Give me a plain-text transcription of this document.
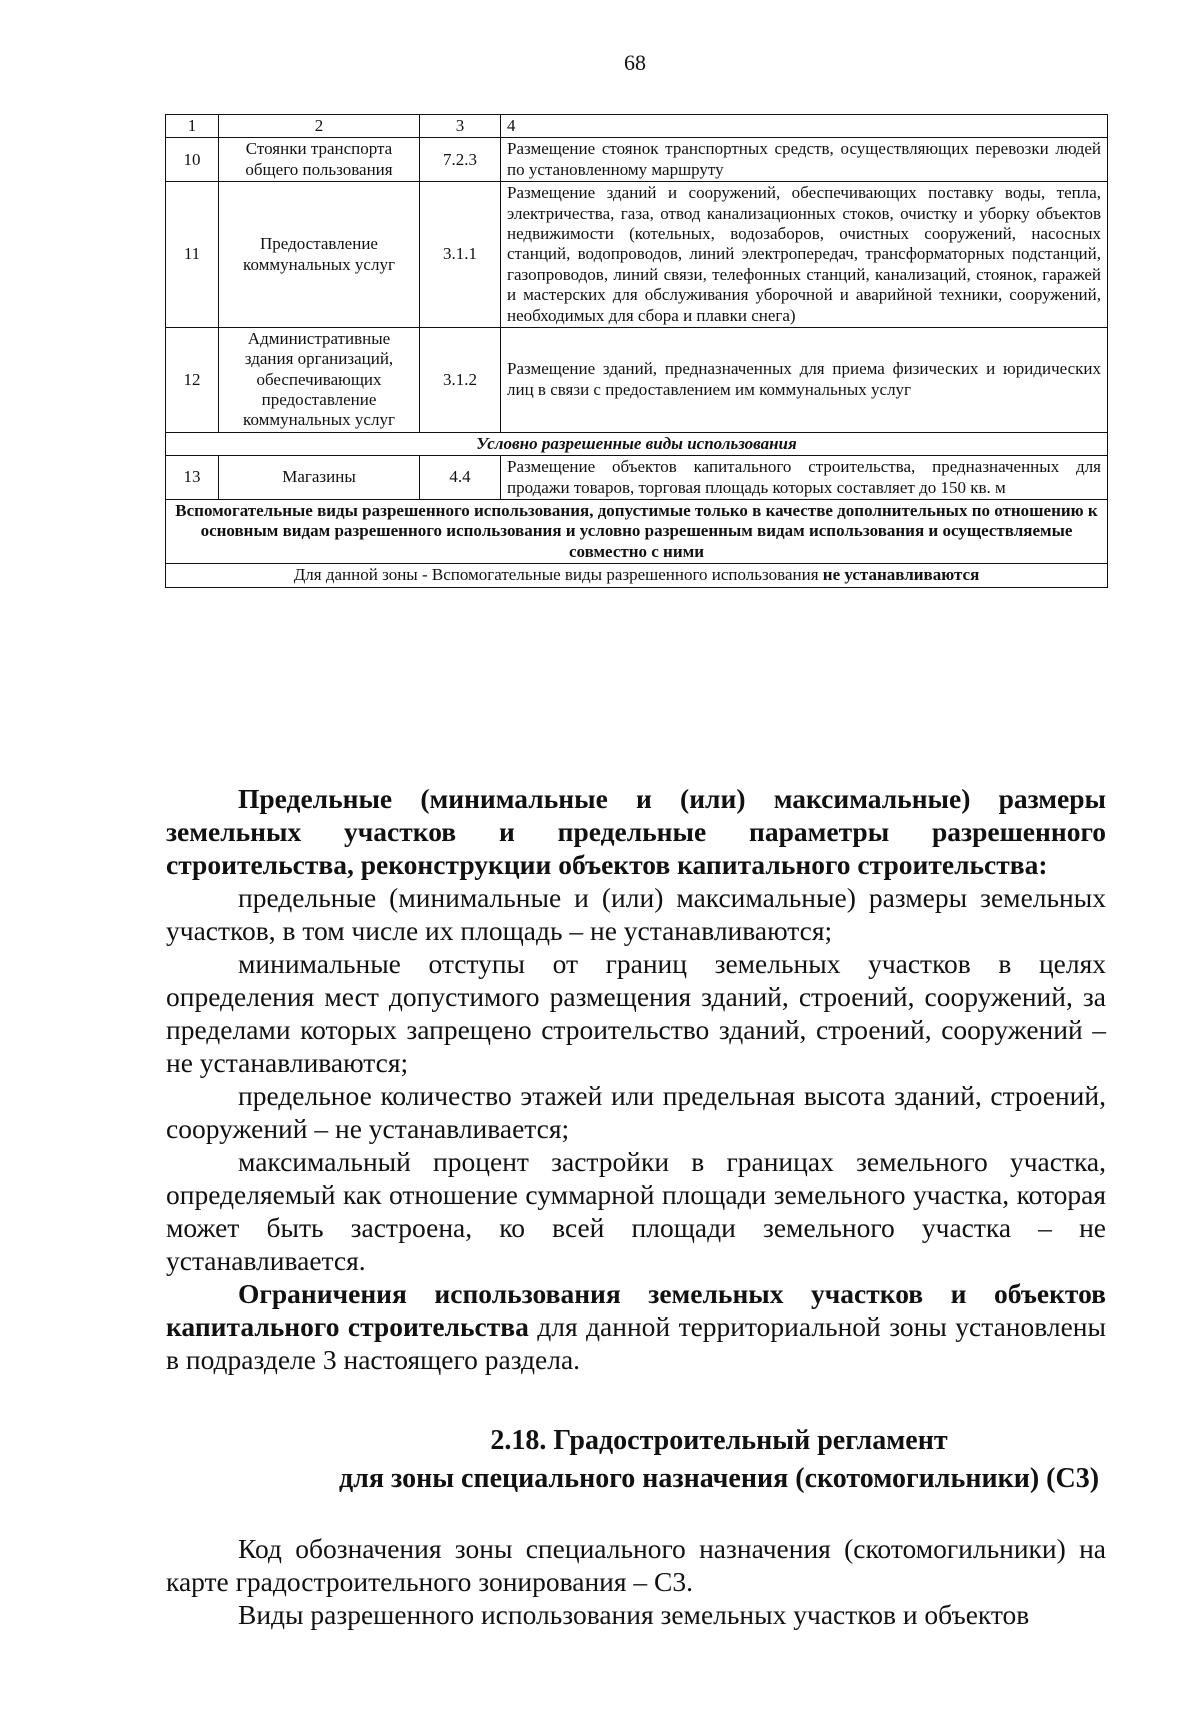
68
1	2	3	4
10	Стоянки транспорта общего пользования	7.2.3	Размещение стоянок транспортных средств, осуществляющих перевозки людей по установленному маршруту
11	Предоставление коммунальных услуг	3.1.1	Размещение зданий и сооружений, обеспечивающих поставку воды, тепла, электричества, газа, отвод канализационных стоков, очистку и уборку объектов недвижимости (котельных, водозаборов, очистных сооружений, насосных станций, водопроводов, линий электропередач, трансформаторных подстанций, газопроводов, линий связи, телефонных станций, канализаций, стоянок, гаражей и мастерских для обслуживания уборочной и аварийной техники, сооружений, необходимых для сбора и плавки снега)
12	Административные здания организаций, обеспечивающих предоставление коммунальных услуг	3.1.2	Размещение зданий, предназначенных для приема физических и юридических лиц в связи с предоставлением им коммунальных услуг
Условно разрешенные виды использования			
13	Магазины	4.4	Размещение объектов капитального строительства, предназначенных для продажи товаров, торговая площадь которых составляет до 150 кв. м
Вспомогательные виды разрешенного использования, допустимые только в качестве дополнительных по отношению к основным видам разрешенного использования и условно разрешенным видам использования и осуществляемые совместно с ними			
Для данной зоны - Вспомогательные виды разрешенного использования не устанавливаются			

Предельные (минимальные и (или) максимальные) размеры земельных участков и предельные параметры разрешенного строительства, реконструкции объектов капитального строительства:

предельные (минимальные и (или) максимальные) размеры земельных участков, в том числе их площадь – не устанавливаются;

минимальные отступы от границ земельных участков в целях определения мест допустимого размещения зданий, строений, сооружений, за пределами которых запрещено строительство зданий, строений, сооружений – не устанавливаются;

предельное количество этажей или предельная высота зданий, строений, сооружений – не устанавливается;

максимальный процент застройки в границах земельного участка, определяемый как отношение суммарной площади земельного участка, которая может быть застроена, ко всей площади земельного участка – не устанавливается.

Ограничения использования земельных участков и объектов капитального строительства для данной территориальной зоны установлены в подразделе 3 настоящего раздела.

2.18. Градостроительный регламент
для зоны специального назначения (скотомогильники) (С3)

Код обозначения зоны специального назначения (скотомогильники) на карте градостроительного зонирования – С3.

Виды разрешенного использования земельных участков и объектов
